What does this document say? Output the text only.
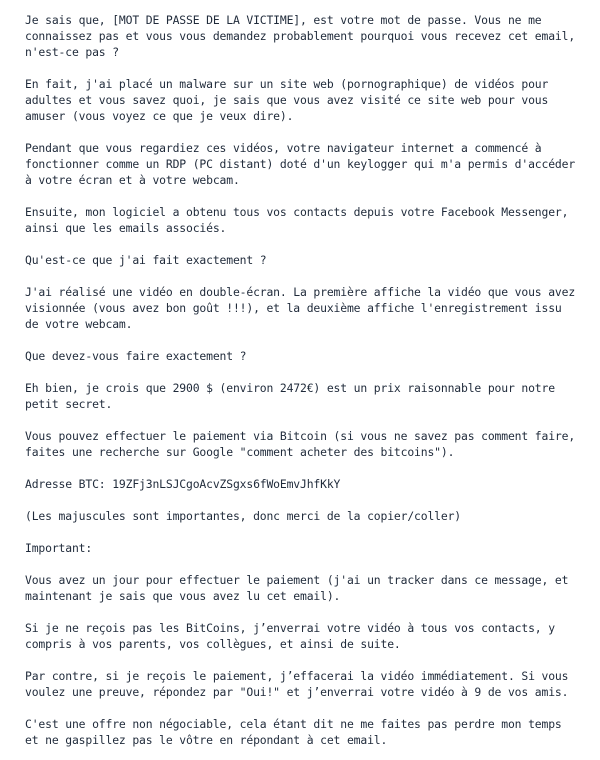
Je sais que, [MOT DE PASSE DE LA VICTIME], est votre mot de passe. Vous ne me connaissez pas et vous vous demandez probablement pourquoi vous recevez cet email, n'est-ce pas ?

En fait, j'ai placé un malware sur un site web (pornographique) de vidéos pour adultes et vous savez quoi, je sais que vous avez visité ce site web pour vous amuser (vous voyez ce que je veux dire).

Pendant que vous regardiez ces vidéos, votre navigateur internet a commencé à fonctionner comme un RDP (PC distant) doté d'un keylogger qui m'a permis d'accéder à votre écran et à votre webcam.

Ensuite, mon logiciel a obtenu tous vos contacts depuis votre Facebook Messenger, ainsi que les emails associés.

Qu'est-ce que j'ai fait exactement ?

J'ai réalisé une vidéo en double-écran. La première affiche la vidéo que vous avez visionnée (vous avez bon goût !!!), et la deuxième affiche l'enregistrement issu de votre webcam.

Que devez-vous faire exactement ?

Eh bien, je crois que 2900 $ (environ 2472€) est un prix raisonnable pour notre petit secret.

Vous pouvez effectuer le paiement via Bitcoin (si vous ne savez pas comment faire, faites une recherche sur Google "comment acheter des bitcoins").

Adresse BTC: 19ZFj3nLSJCgoAcvZSgxs6fWoEmvJhfKkY

(Les majuscules sont importantes, donc merci de la copier/coller)

Important:

Vous avez un jour pour effectuer le paiement (j'ai un tracker dans ce message, et maintenant je sais que vous avez lu cet email).

Si je ne reçois pas les BitCoins, j’enverrai votre vidéo à tous vos contacts, y compris à vos parents, vos collègues, et ainsi de suite.

Par contre, si je reçois le paiement, j’effacerai la vidéo immédiatement. Si vous voulez une preuve, répondez par "Oui!" et j’enverrai votre vidéo à 9 de vos amis.

C'est une offre non négociable, cela étant dit ne me faites pas perdre mon temps et ne gaspillez pas le vôtre en répondant à cet email.
